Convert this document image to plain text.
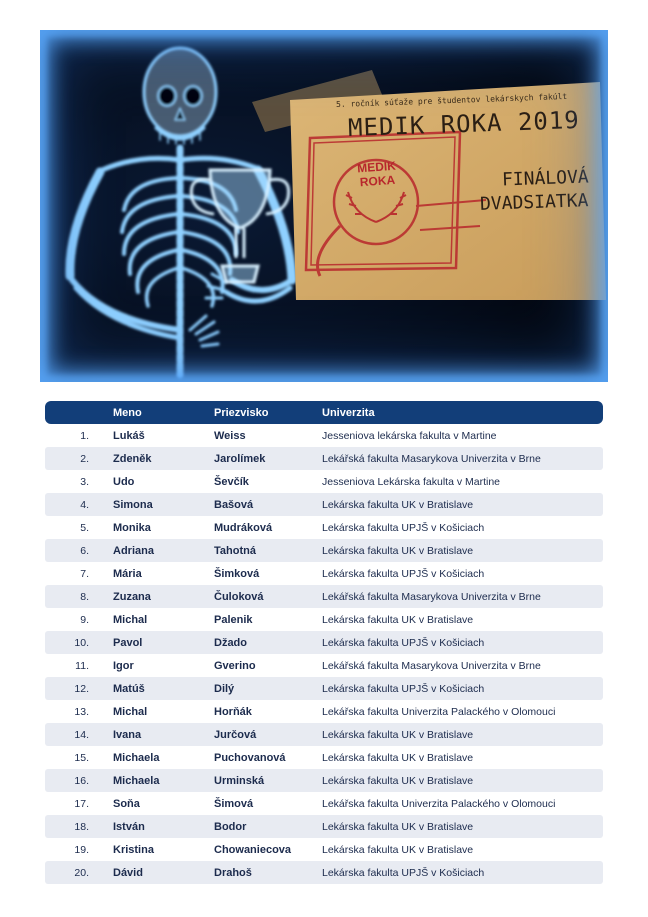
5. ročník súťaže pre študentov lekárskych fakúlt
MEDIK ROKA 2019
MEDIK
ROKA	FINÁLOVÁ
DVADSIATKA
	Meno	Priezvisko	Univerzita
1.	Lukáš	Weiss	Jesseniova lekárska fakulta v Martine
2.	Zdeněk	Jarolímek	Lekářská fakulta Masarykova Univerzita v Brne
3.	Udo	Ševčík	Jesseniova Lekárska fakulta v Martine
4.	Simona	Bašová	Lekárska fakulta UK v Bratislave
5.	Monika	Mudráková	Lekárska fakulta UPJŠ v Košiciach
6.	Adriana	Tahotná	Lekárska fakulta UK v Bratislave
7.	Mária	Šimková	Lekárska fakulta UPJŠ v Košiciach
8.	Zuzana	Čuloková	Lekářská fakulta Masarykova Univerzita v Brne
9.	Michal	Palenik	Lekárska fakulta UK v Bratislave
10.	Pavol	Džado	Lekárska fakulta UPJŠ v Košiciach
11.	Igor	Gverino	Lekářská fakulta Masarykova Univerzita v Brne
12.	Matúš	Dilý	Lekárska fakulta UPJŠ v Košiciach
13.	Michal	Horňák	Lekářska fakulta Univerzita Palackého v Olomouci
14.	Ivana	Jurčová	Lekárska fakulta UK v Bratislave
15.	Michaela	Puchovanová	Lekárska fakulta UK v Bratislave
16.	Michaela	Urminská	Lekárska fakulta UK v Bratislave
17.	Soňa	Šimová	Lekářska fakulta Univerzita Palackého v Olomouci
18.	István	Bodor	Lekárska fakulta UK v Bratislave
19.	Kristina	Chowaniecova	Lekárska fakulta UK v Bratislave
20.	Dávid	Drahoš	Lekárska fakulta UPJŠ v Košiciach
